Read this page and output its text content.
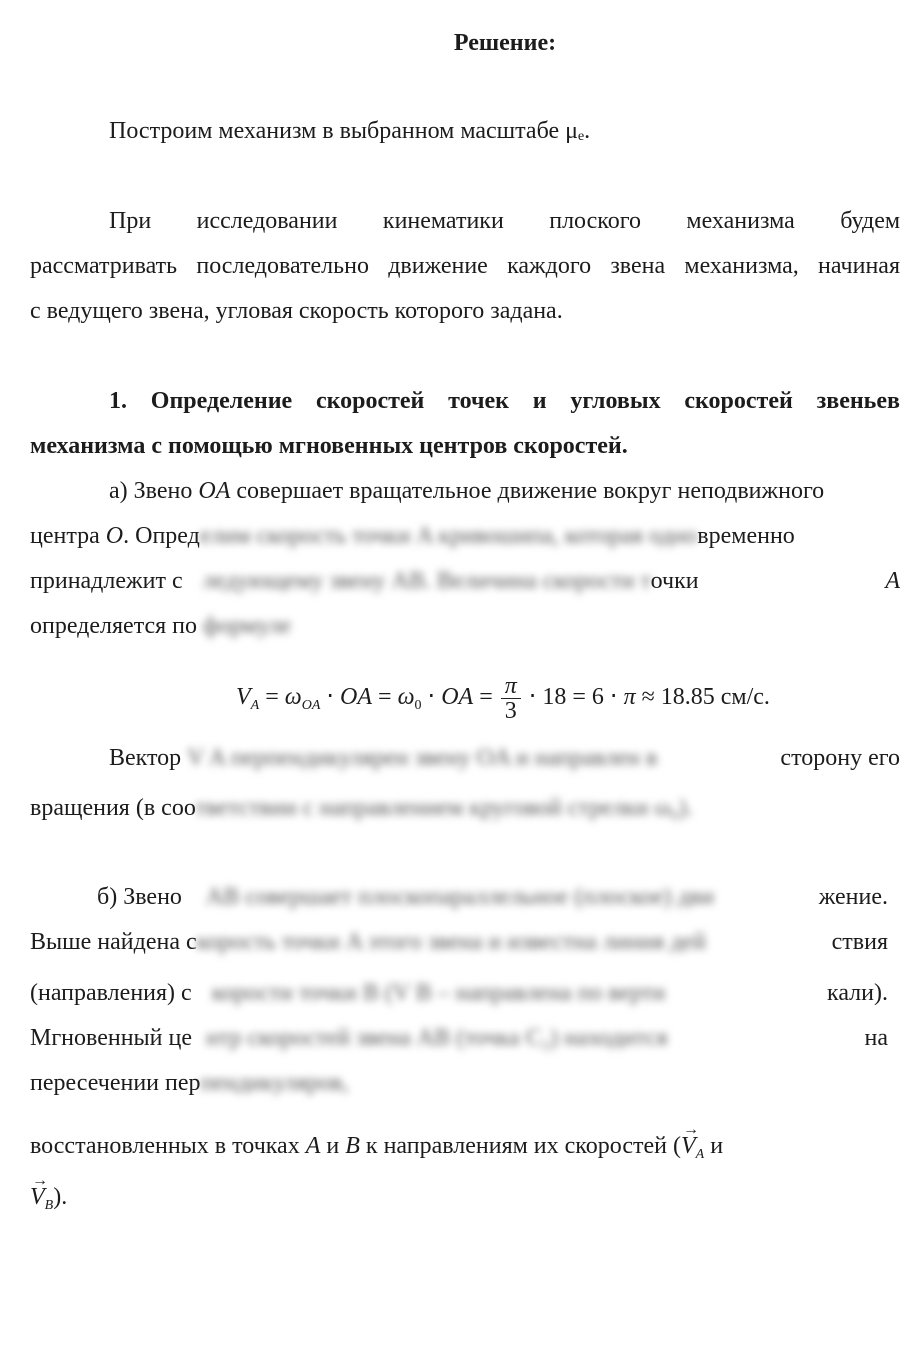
Решение:
Построим механизм в выбранном масштабе μₑ.
При исследовании кинематики плоского механизма будем
рассматривать последовательно движение каждого звена механизма, начиная
с ведущего звена, угловая скорость которого задана.
1. Определение скоростей точек и угловых скоростей звеньев
механизма с помощью мгновенных центров скоростей.
а) Звено OA совершает вращательное движение вокруг неподвижного
центра O. Определим скорость точки A кривошипа, которая одновременно
принадлежит с ледующему звену AB. Величина скорости точки	A
определяется по формуле
$V_A = \omega_{OA}$ ⋅ OA = $\omega_0$ ⋅ OA = $\frac{\pi}{3} \cdot 18 = 6 \cdot \pi \approx 18.85$ см/с.
Вектор V A перпендикулярен звену OA и направлен в	сторону его
вращения (в соответствии с направлением круговой стрелки ω₀).
б) Звено AB совершает плоскопараллельное (плоское) дви	жение.
Выше найдена скорость точки A этого звена и известна линия дей	ствия
(направления) с корости точки B (V B – направлена по верти	кали).
Мгновенный це нтр скоростей звена AB (точка C₂) находится	на
пересечении перпендикуляров,
восстановленных в точках A и B к направлениям их скоростей (→ $V_A$ и
→ $V_B$).
